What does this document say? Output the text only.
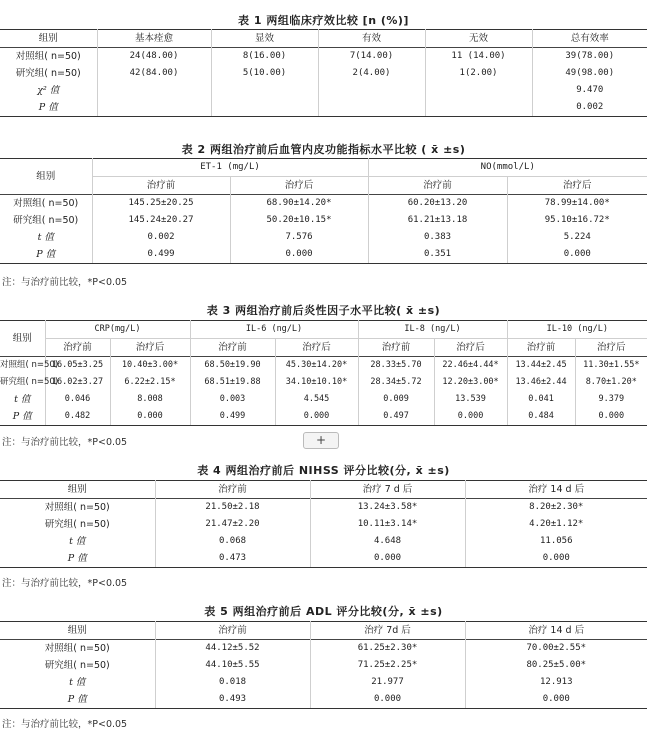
表 1 两组临床疗效比较 [n (%)]
组别	基本痊愈	显效	有效	无效	总有效率
对照组( n=50)	24(48.00)	8(16.00)	7(14.00)	11 (14.00)	39(78.00)
研究组( n=50)	42(84.00)	5(10.00)	2(4.00)	1(2.00)	49(98.00)
χ² 值					9.470
P 值					0.002
表 2 两组治疗前后血管内皮功能指标水平比较 ( x̄ ±s)
组别	ET-1 (mg/L)		NO(mmol/L)	
	治疗前	治疗后	治疗前	治疗后
对照组( n=50)	145.25±20.25	68.90±14.20*	60.20±13.20	78.99±14.00*
研究组( n=50)	145.24±20.27	50.20±10.15*	61.21±13.18	95.10±16.72*
t 值	0.002	7.576	0.383	5.224
P 值	0.499	0.000	0.351	0.000
注：与治疗前比较，*P<0.05
表 3 两组治疗前后炎性因子水平比较( x̄ ±s)
组别	CRP(mg/L)		IL-6 (ng/L)		IL-8 (ng/L)		IL-10 (ng/L)	
	治疗前	治疗后	治疗前	治疗后	治疗前	治疗后	治疗前	治疗后
对照组( n=50)	16.05±3.25	10.40±3.00*	68.50±19.90	45.30±14.20*	28.33±5.70	22.46±4.44*	13.44±2.45	11.30±1.55*
研究组( n=50)	16.02±3.27	6.22±2.15*	68.51±19.88	34.10±10.10*	28.34±5.72	12.20±3.00*	13.46±2.44	8.70±1.20*
t 值	0.046	8.008	0.003	4.545	0.009	13.539	0.041	9.379
P 值	0.482	0.000	0.499	0.000	0.497	0.000	0.484	0.000
注：与治疗前比较，*P<0.05	+
表 4 两组治疗前后 NIHSS 评分比较(分, x̄ ±s)
组别	治疗前	治疗 7 d 后	治疗 14 d 后
对照组( n=50)	21.50±2.18	13.24±3.58*	8.20±2.30*
研究组( n=50)	21.47±2.20	10.11±3.14*	4.20±1.12*
t 值	0.068	4.648	11.056
P 值	0.473	0.000	0.000
注：与治疗前比较，*P<0.05
表 5 两组治疗前后 ADL 评分比较(分, x̄ ±s)
组别	治疗前	治疗 7d 后	治疗 14 d 后
对照组( n=50)	44.12±5.52	61.25±2.30*	70.00±2.55*
研究组( n=50)	44.10±5.55	71.25±2.25*	80.25±5.00*
t 值	0.018	21.977	12.913
P 值	0.493	0.000	0.000
注：与治疗前比较，*P<0.05
